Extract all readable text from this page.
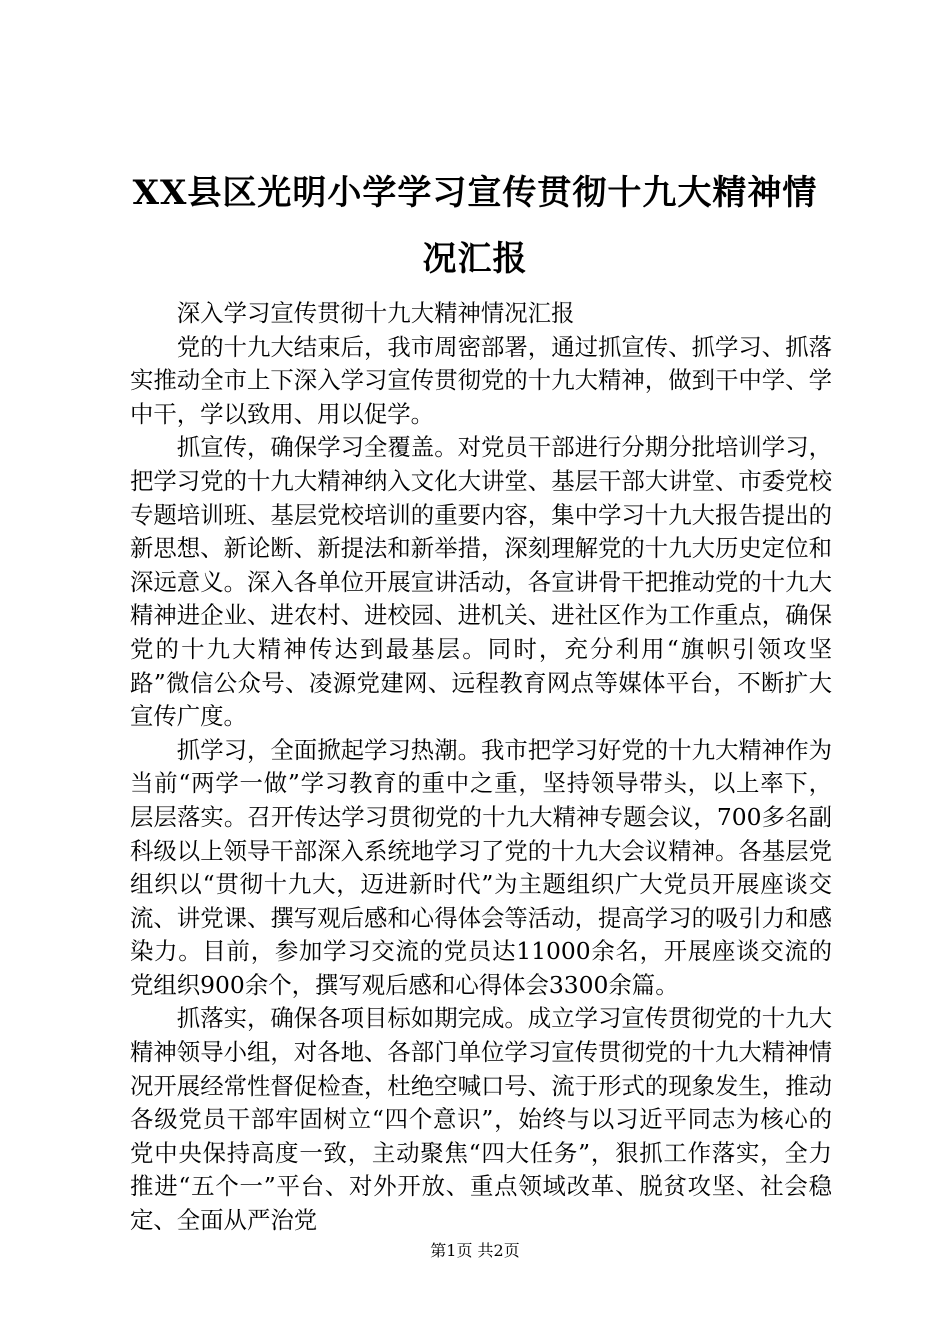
XX县区光明小学学习宣传贯彻十九大精神情况汇报

深入学习宣传贯彻十九大精神情况汇报

党的十九大结束后，我市周密部署，通过抓宣传、抓学习、抓落实推动全市上下深入学习宣传贯彻党的十九大精神，做到干中学、学中干，学以致用、用以促学。

抓宣传，确保学习全覆盖。对党员干部进行分期分批培训学习，把学习党的十九大精神纳入文化大讲堂、基层干部大讲堂、市委党校专题培训班、基层党校培训的重要内容，集中学习十九大报告提出的新思想、新论断、新提法和新举措，深刻理解党的十九大历史定位和深远意义。深入各单位开展宣讲活动，各宣讲骨干把推动党的十九大精神进企业、进农村、进校园、进机关、进社区作为工作重点，确保党的十九大精神传达到最基层。同时，充分利用“旗帜引领攻坚路”微信公众号、凌源党建网、远程教育网点等媒体平台，不断扩大宣传广度。

抓学习，全面掀起学习热潮。我市把学习好党的十九大精神作为当前“两学一做”学习教育的重中之重，坚持领导带头，以上率下，层层落实。召开传达学习贯彻党的十九大精神专题会议，700多名副科级以上领导干部深入系统地学习了党的十九大会议精神。各基层党组织以“贯彻十九大，迈进新时代”为主题组织广大党员开展座谈交流、讲党课、撰写观后感和心得体会等活动，提高学习的吸引力和感染力。目前，参加学习交流的党员达11000余名，开展座谈交流的党组织900余个，撰写观后感和心得体会3300余篇。

抓落实，确保各项目标如期完成。成立学习宣传贯彻党的十九大精神领导小组，对各地、各部门单位学习宣传贯彻党的十九大精神情况开展经常性督促检查，杜绝空喊口号、流于形式的现象发生，推动各级党员干部牢固树立“四个意识”，始终与以习近平同志为核心的党中央保持高度一致，主动聚焦“四大任务”，狠抓工作落实，全力推进“五个一”平台、对外开放、重点领域改革、脱贫攻坚、社会稳定、全面从严治党

第1页 共2页
